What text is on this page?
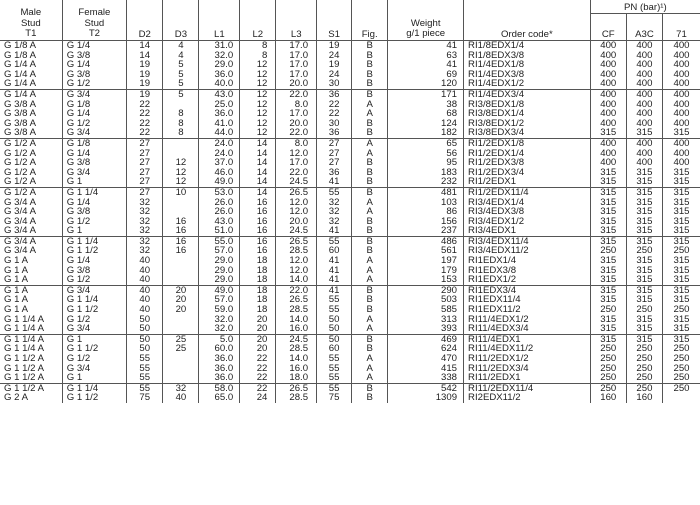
Male
Stud
T1	Female
Stud
T2	D2	D3	L1	L2	L3	S1	Fig.	Weight
g/1 piece	Order code*	PN (bar)¹)		
											CF	A3C	71
G 1/8 A	G 1/4	14	4	31.0	8	17.0	19	B	41	RI1/8EDX1/4	400	400	400
G 1/8 A	G 3/8	14	4	32.0	8	17.0	24	B	63	RI1/8EDX3/8	400	400	400
G 1/4 A	G 1/4	19	5	29.0	12	17.0	19	B	41	RI1/4EDX1/8	400	400	400
G 1/4 A	G 3/8	19	5	36.0	12	17.0	24	B	69	RI1/4EDX3/8	400	400	400
G 1/4 A	G 1/2	19	5	40.0	12	20.0	30	B	120	RI1/4EDX1/2	400	400	400
G 1/4 A	G 3/4	19	5	43.0	12	22.0	36	B	171	RI1/4EDX3/4	400	400	400
G 3/8 A	G 1/8	22		25.0	12	8.0	22	A	38	RI3/8EDX1/8	400	400	400
G 3/8 A	G 1/4	22	8	36.0	12	17.0	22	A	68	RI3/8EDX1/4	400	400	400
G 3/8 A	G 1/2	22	8	41.0	12	20.0	30	B	124	RI3/8EDX1/2	400	400	400
G 3/8 A	G 3/4	22	8	44.0	12	22.0	36	B	182	RI3/8EDX3/4	315	315	315
G 1/2 A	G 1/8	27		24.0	14	8.0	27	A	65	RI1/2EDX1/8	400	400	400
G 1/2 A	G 1/4	27		24.0	14	12.0	27	A	56	RI1/2EDX1/4	400	400	400
G 1/2 A	G 3/8	27	12	37.0	14	17.0	27	B	95	RI1/2EDX3/8	400	400	400
G 1/2 A	G 3/4	27	12	46.0	14	22.0	36	B	183	RI1/2EDX3/4	315	315	315
G 1/2 A	G 1	27	12	49.0	14	24.5	41	B	232	RI1/2EDX1	315	315	315
G 1/2 A	G 1 1/4	27	10	53.0	14	26.5	55	B	481	RI1/2EDX11/4	315	315	315
G 3/4 A	G 1/4	32		26.0	16	12.0	32	A	103	RI3/4EDX1/4	315	315	315
G 3/4 A	G 3/8	32		26.0	16	12.0	32	A	86	RI3/4EDX3/8	315	315	315
G 3/4 A	G 1/2	32	16	43.0	16	20.0	32	B	156	RI3/4EDX1/2	315	315	315
G 3/4 A	G 1	32	16	51.0	16	24.5	41	B	237	RI3/4EDX1	315	315	315
G 3/4 A	G 1 1/4	32	16	55.0	16	26.5	55	B	486	RI3/4EDX11/4	315	315	315
G 3/4 A	G 1 1/2	32	16	57.0	16	28.5	60	B	561	RI3/4EDX11/2	250	250	250
G 1 A	G 1/4	40		29.0	18	12.0	41	A	197	RI1EDX1/4	315	315	315
G 1 A	G 3/8	40		29.0	18	12.0	41	A	179	RI1EDX3/8	315	315	315
G 1 A	G 1/2	40		29.0	18	14.0	41	A	153	RI1EDX1/2	315	315	315
G 1 A	G 3/4	40	20	49.0	18	22.0	41	B	290	RI1EDX3/4	315	315	315
G 1 A	G 1 1/4	40	20	57.0	18	26.5	55	B	503	RI1EDX11/4	315	315	315
G 1 A	G 1 1/2	40	20	59.0	18	28.5	55	B	585	RI1EDX11/2	250	250	250
G 1 1/4 A	G 1/2	50		32.0	20	14.0	50	A	313	RI11/4EDX1/2	315	315	315
G 1 1/4 A	G 3/4	50		32.0	20	16.0	50	A	393	RI11/4EDX3/4	315	315	315
G 1 1/4 A	G 1	50	25	5.0	20	24.5	50	B	469	RI11/4EDX1	315	315	315
G 1 1/4 A	G 1 1/2	50	25	60.0	20	28.5	60	B	624	RI11/4EDX11/2	250	250	250
G 1 1/2 A	G 1/2	55		36.0	22	14.0	55	A	470	RI11/2EDX1/2	250	250	250
G 1 1/2 A	G 3/4	55		36.0	22	16.0	55	A	415	RI11/2EDX3/4	250	250	250
G 1 1/2 A	G 1	55		36.0	22	18.0	55	A	338	RI11/2EDX1	250	250	250
G 1 1/2 A	G 1 1/4	55	32	58.0	22	26.5	55	B	542	RI11/2EDX11/4	250	250	250
G 2 A	G 1 1/2	75	40	65.0	24	28.5	75	B	1309	RI2EDX11/2	160	160	
